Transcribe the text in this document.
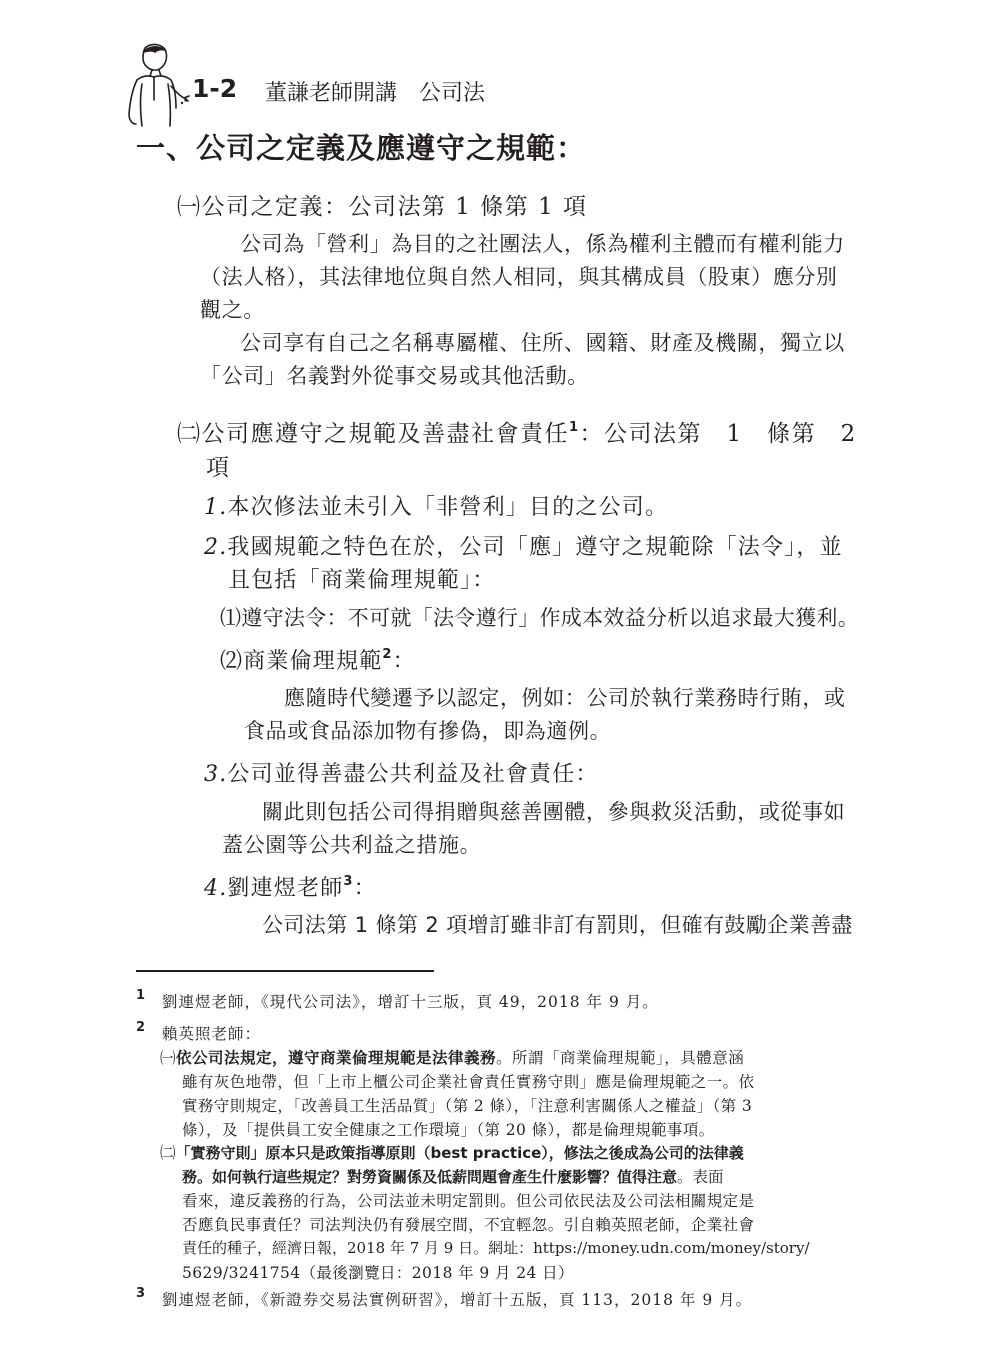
1-2 董謙老師開講　公司法
一、公司之定義及應遵守之規範：
㈠公司之定義：公司法第 1 條第 1 項
公司為「營利」為目的之社團法人，係為權利主體而有權利能力
（法人格），其法律地位與自然人相同，與其構成員（股東）應分別
觀之。
公司享有自己之名稱專屬權、住所、國籍、財產及機關，獨立以
「公司」名義對外從事交易或其他活動。
㈡公司應遵守之規範及善盡社會責任$^1$：公司法第　1　條第　2
項
1.本次修法並未引入「非營利」目的之公司。
2.我國規範之特色在於，公司「應」遵守之規範除「法令」，並
且包括「商業倫理規範」：
⑴遵守法令：不可就「法令遵行」作成本效益分析以追求最大獲利。
⑵商業倫理規範$^2$：
應隨時代變遷予以認定，例如：公司於執行業務時行賄，或
食品或食品添加物有摻偽，即為適例。
3.公司並得善盡公共利益及社會責任：
關此則包括公司得捐贈與慈善團體，參與救災活動，或從事如
蓋公園等公共利益之措施。
4.劉連煜老師$^3$：
公司法第 1 條第 2 項增訂雖非訂有罰則，但確有鼓勵企業善盡
1 劉連煜老師，《現代公司法》，增訂十三版，頁 49，2018 年 9 月。
2 賴英照老師：
㈠依公司法規定，遵守商業倫理規範是法律義務。所謂「商業倫理規範」，具體意涵
雖有灰色地帶，但「上市上櫃公司企業社會責任實務守則」應是倫理規範之一。依
實務守則規定，「改善員工生活品質」（第 2 條），「注意利害關係人之權益」（第 3
條），及「提供員工安全健康之工作環境」（第 20 條），都是倫理規範事項。
㈡「實務守則」原本只是政策指導原則（best practice），修法之後成為公司的法律義
務。如何執行這些規定？對勞資關係及低薪問題會產生什麼影響？值得注意。表面
看來，違反義務的行為，公司法並未明定罰則。但公司依民法及公司法相關規定是
否應負民事責任？司法判決仍有發展空間，不宜輕忽。引自賴英照老師，企業社會
責任的種子，經濟日報，2018 年 7 月 9 日。網址：https://money.udn.com/money/story/
5629/3241754（最後瀏覽日：2018 年 9 月 24 日）
3 劉連煜老師，《新證券交易法實例研習》，增訂十五版，頁 113，2018 年 9 月。
